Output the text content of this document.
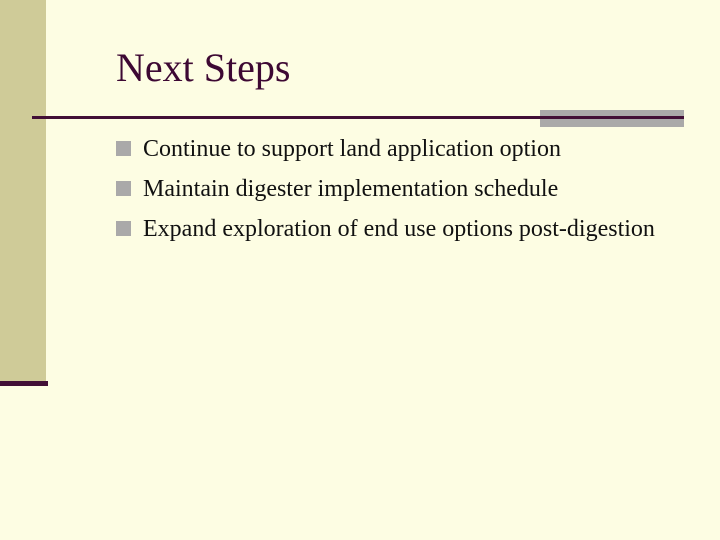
Next Steps
Continue to support land application option
Maintain digester implementation schedule
Expand exploration of end use options post-digestion
